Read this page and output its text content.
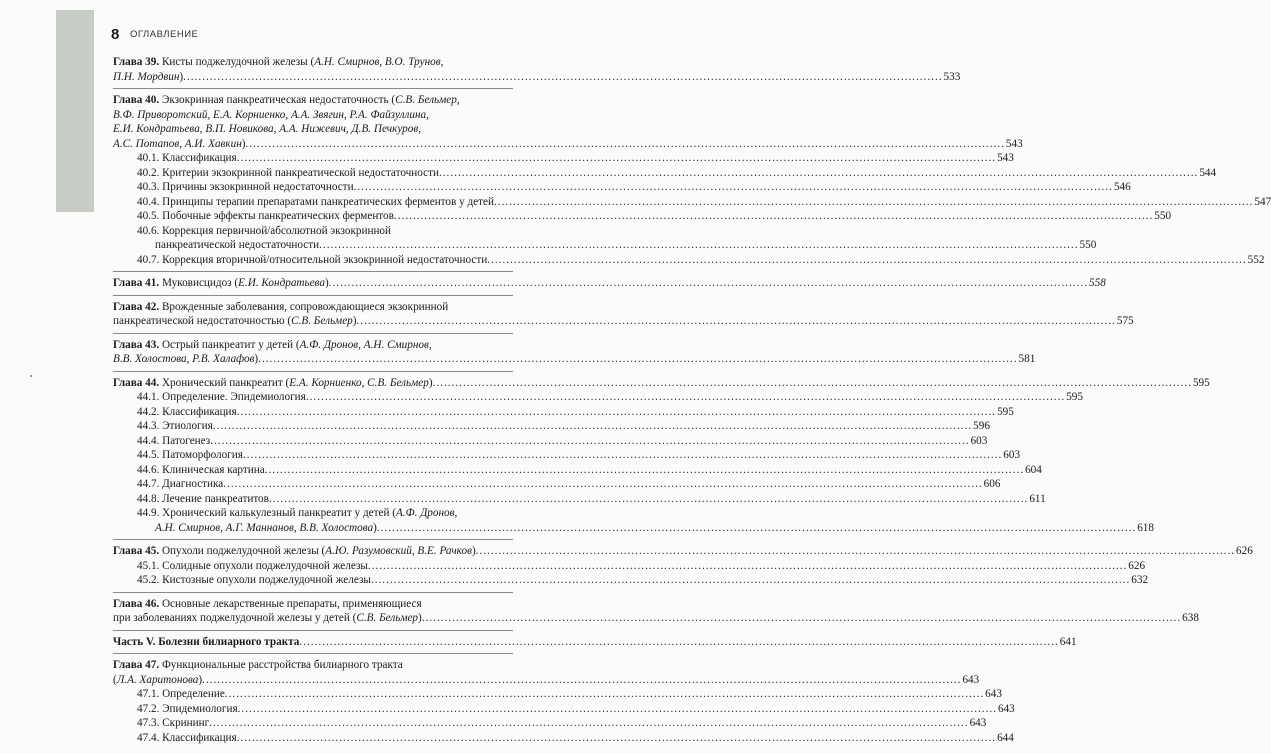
8 ОГЛАВЛЕНИЕ
Глава 39. Кисты поджелудочной железы (А.Н. Смирнов, В.О. Трунов,
П.Н. Мордвин) .....	533
Глава 40. Экзокринная панкреатическая недостаточность (С.В. Бельмер,
В.Ф. Приворотский, Е.А. Корниенко, А.А. Звягин, Р.А. Файзуллина,
Е.И. Кондратьева, В.П. Новикова, А.А. Нижевич, Д.В. Печкуров,
А.С. Потапов, А.И. Хавкин) .....	543
40.1. Классификация .....	543
40.2. Критерии экзокринной панкреатической недостаточности .....	544
40.3. Причины экзокринной недостаточности .....	546
40.4. Принципы терапии препаратами панкреатических ферментов у детей .....	547
40.5. Побочные эффекты панкреатических ферментов .....	550
40.6. Коррекция первичной/абсолютной экзокринной
панкреатической недостаточности .....	550
40.7. Коррекция вторичной/относительной экзокринной недостаточности .....	552
Глава 41. Муковисцидоз (Е.И. Кондратьева) .....	558
Глава 42. Врожденные заболевания, сопровождающиеся экзокринной
панкреатической недостаточностью (С.В. Бельмер) .....	575
Глава 43. Острый панкреатит у детей (А.Ф. Дронов, А.Н. Смирнов,
В.В. Холостова, Р.В. Халафов) .....	581
Глава 44. Хронический панкреатит (Е.А. Корниенко, С.В. Бельмер) .....	595
44.1. Определение. Эпидемиология .....	595
44.2. Классификация .....	595
44.3. Этиология .....	596
44.4. Патогенез .....	603
44.5. Патоморфология .....	603
44.6. Клиническая картина .....	604
44.7. Диагностика .....	606
44.8. Лечение панкреатитов .....	611
44.9. Хронический калькулезный панкреатит у детей (А.Ф. Дронов,
А.Н. Смирнов, А.Г. Маннанов, В.В. Холостова) .....	618
Глава 45. Опухоли поджелудочной железы (А.Ю. Разумовский, В.Е. Рачков) .....	626
45.1. Солидные опухоли поджелудочной железы .....	626
45.2. Кистозные опухоли поджелудочной железы .....	632
Глава 46. Основные лекарственные препараты, применяющиеся
при заболеваниях поджелудочной железы у детей (С.В. Бельмер) .....	638
Часть V. Болезни билиарного тракта .....	641
Глава 47. Функциональные расстройства билиарного тракта
(Л.А. Харитонова) .....	643
47.1. Определение .....	643
47.2. Эпидемиология .....	643
47.3. Скрининг .....	643
47.4. Классификация .....	644
